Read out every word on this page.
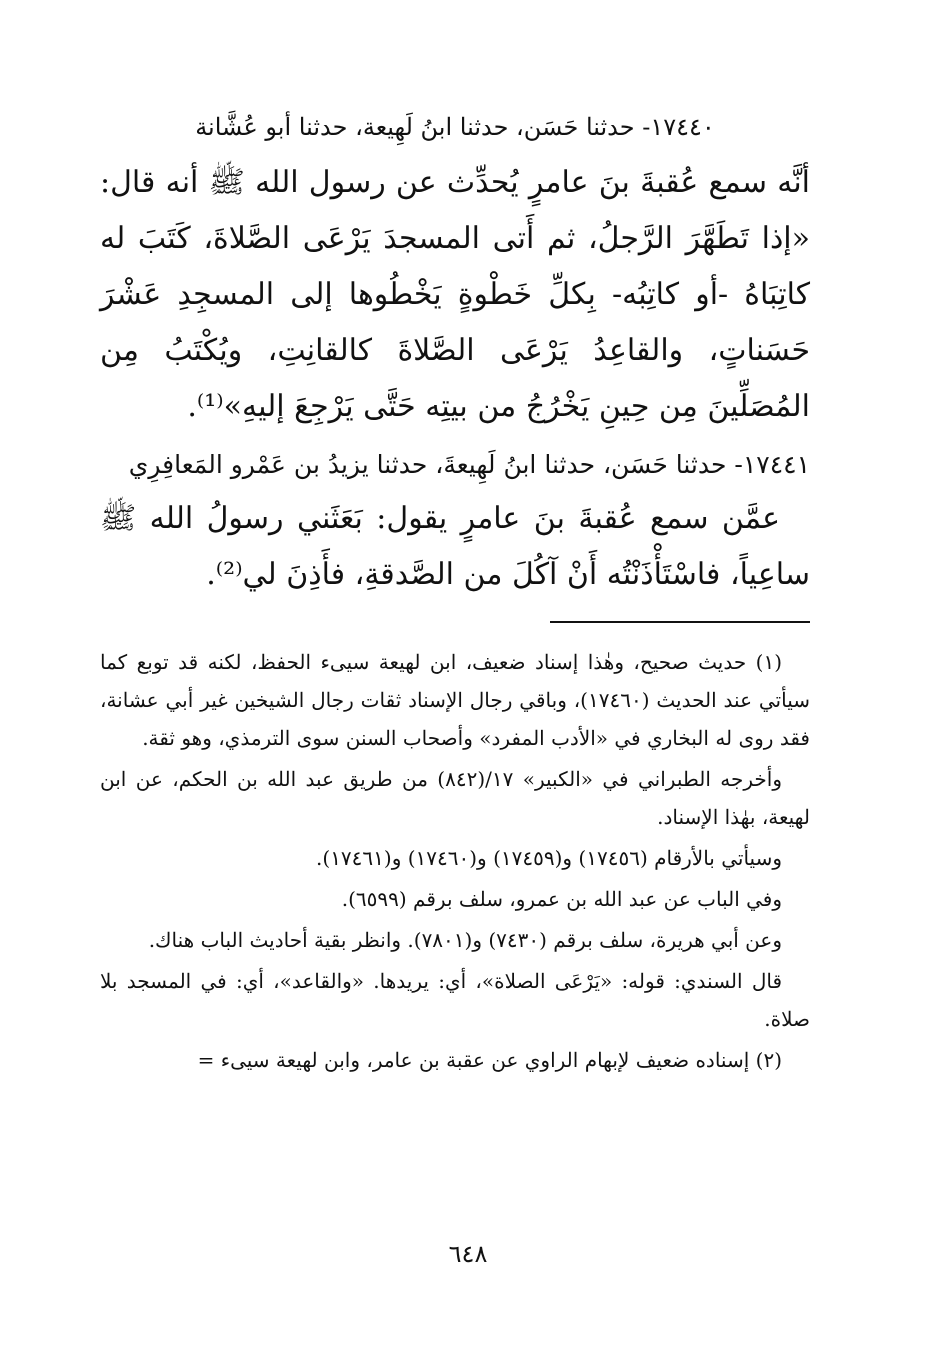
١٧٤٤٠- حدثنا حَسَن، حدثنا ابنُ لَهِيعة، حدثنا أبو عُشَّانة

أنَّه سمع عُقبةَ بنَ عامرٍ يُحدِّث عن رسول الله ﷺ أنه قال: «إذا تَطَهَّرَ الرَّجلُ، ثم أَتى المسجدَ يَرْعَى الصَّلاةَ، كَتَبَ له كاتِبَاهُ -أو كاتِبُه- بِكلِّ خَطْوةٍ يَخْطُوها إلى المسجِدِ عَشْرَ حَسَناتٍ، والقاعِدُ يَرْعَى الصَّلاةَ كالقانِتِ، ويُكْتَبُ مِن المُصَلِّينَ مِن حِينِ يَخْرُجُ من بيتِه حَتَّى يَرْجِعَ إليهِ»⁽¹⁾.

١٧٤٤١- حدثنا حَسَن، حدثنا ابنُ لَهِيعةَ، حدثنا يزيدُ بن عَمْرو المَعافِرِي

عمَّن سمع عُقبةَ بنَ عامرٍ يقول: بَعَثَني رسولُ الله ﷺ ساعِياً، فاسْتَأْذَنْتُه أَنْ آكُلَ من الصَّدقةِ، فأَذِنَ لي⁽²⁾.

(١) حديث صحيح، وهٰذا إسناد ضعيف، ابن لهيعة سيىء الحفظ، لكنه قد توبع كما سيأتي عند الحديث (١٧٤٦٠)، وباقي رجال الإسناد ثقات رجال الشيخين غير أبي عشانة، فقد روى له البخاري في «الأدب المفرد» وأصحاب السنن سوى الترمذي، وهو ثقة.

وأخرجه الطبراني في «الكبير» ١٧/(٨٤٢) من طريق عبد الله بن الحكم، عن ابن لهيعة، بهٰذا الإسناد.

وسيأتي بالأرقام (١٧٤٥٦) و(١٧٤٥٩) و(١٧٤٦٠) و(١٧٤٦١).

وفي الباب عن عبد الله بن عمرو، سلف برقم (٦٥٩٩).

وعن أبي هريرة، سلف برقم (٧٤٣٠) و(٧٨٠١). وانظر بقية أحاديث الباب هناك.

قال السندي: قوله: «يَرْعَى الصلاة»، أي: يريدها. «والقاعد»، أي: في المسجد بلا صلاة.

(٢) إسناده ضعيف لإبهام الراوي عن عقبة بن عامر، وابن لهيعة سيىء =

٦٤٨
